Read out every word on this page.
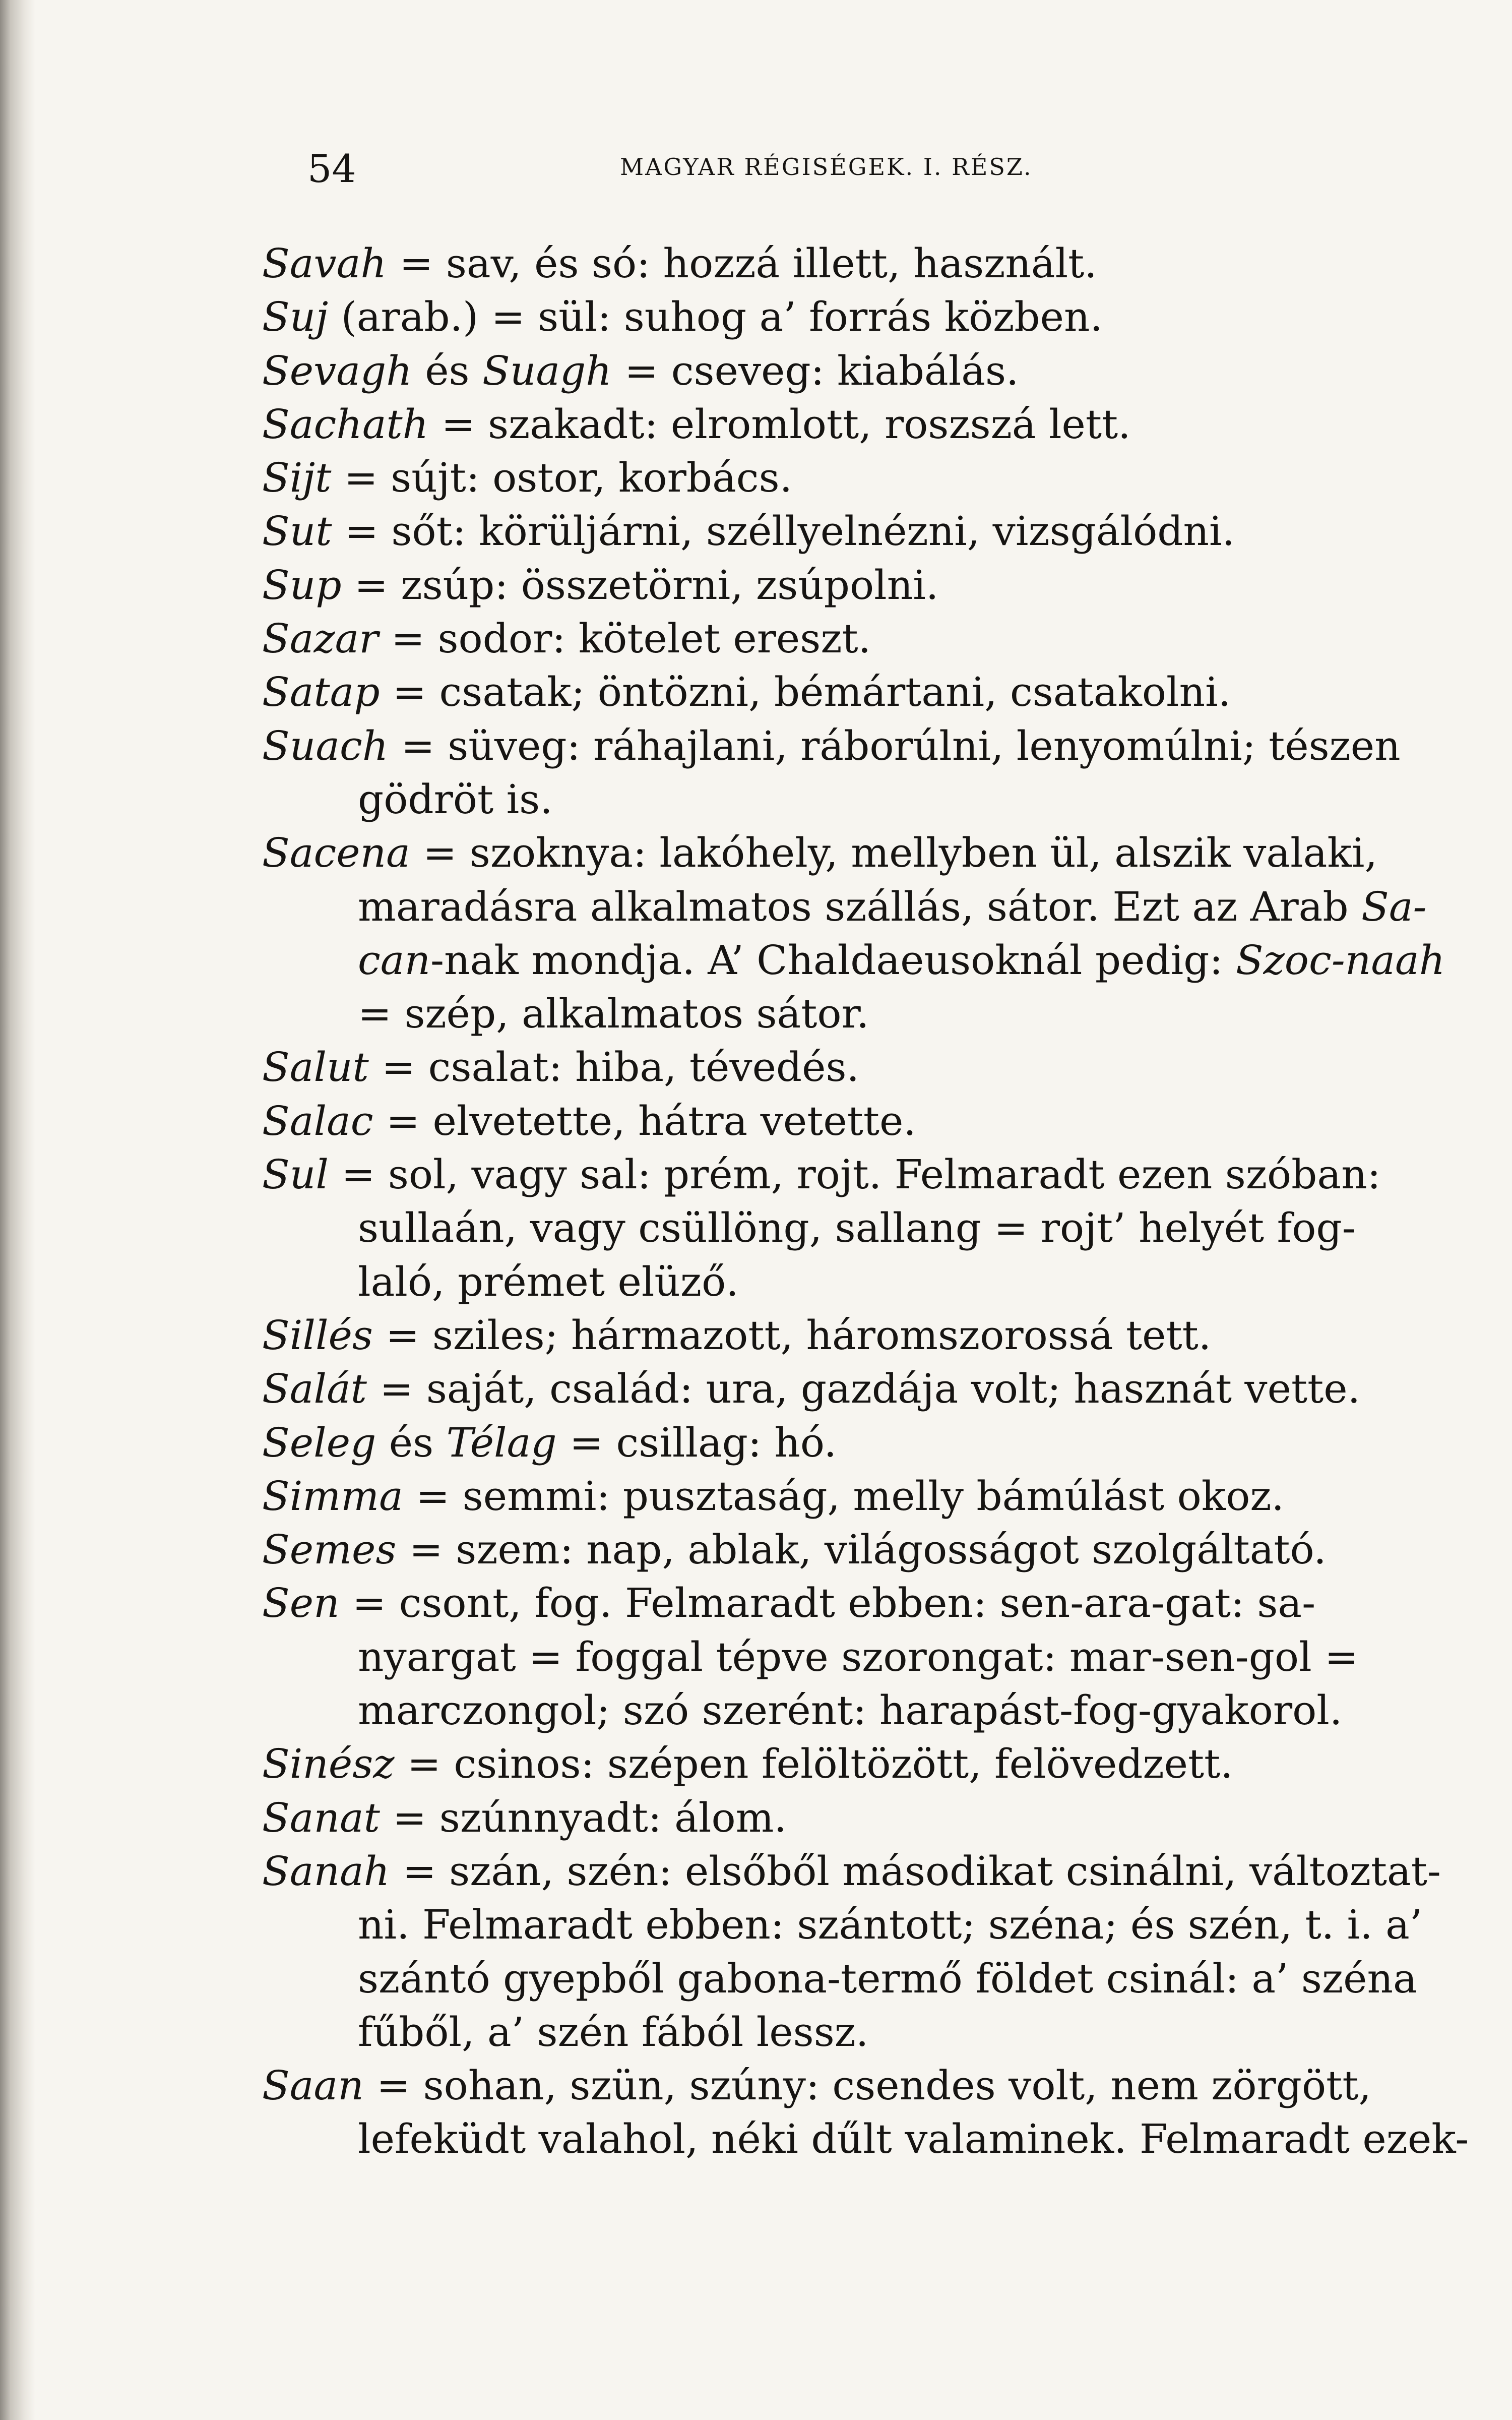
54	MAGYAR RÉGISÉGEK. I. RÉSZ.
Savah = sav, és só: hozzá illett, használt.
Suj (arab.) = sül: suhog a’ forrás közben.
Sevagh és Suagh = cseveg: kiabálás.
Sachath = szakadt: elromlott, roszszá lett.
Sijt = sújt: ostor, korbács.
Sut = sőt: körüljárni, széllyelnézni, vizsgálódni.
Sup = zsúp: összetörni, zsúpolni.
Sazar = sodor: kötelet ereszt.
Satap = csatak; öntözni, bémártani, csatakolni.
Suach = süveg: ráhajlani, ráborúlni, lenyomúlni; tészen
gödröt is.
Sacena = szoknya: lakóhely, mellyben ül, alszik valaki,
maradásra alkalmatos szállás, sátor. Ezt az Arab Sa-
can-nak mondja. A’ Chaldaeusoknál pedig: Szoc-naah
= szép, alkalmatos sátor.
Salut = csalat: hiba, tévedés.
Salac = elvetette, hátra vetette.
Sul = sol, vagy sal: prém, rojt. Felmaradt ezen szóban:
sullaán, vagy csüllöng, sallang = rojt’ helyét fog-
laló, prémet elüző.
Sillés = sziles; hármazott, háromszorossá tett.
Salát = saját, család: ura, gazdája volt; hasznát vette.
Seleg és Télag = csillag: hó.
Simma = semmi: pusztaság, melly bámúlást okoz.
Semes = szem: nap, ablak, világosságot szolgáltató.
Sen = csont, fog. Felmaradt ebben: sen-ara-gat: sa-
nyargat = foggal tépve szorongat: mar-sen-gol =
marczongol; szó szerént: harapást-fog-gyakorol.
Sinész = csinos: szépen felöltözött, felövedzett.
Sanat = szúnnyadt: álom.
Sanah = szán, szén: elsőből másodikat csinálni, változtat-
ni. Felmaradt ebben: szántott; széna; és szén, t. i. a’
szántó gyepből gabona-termő földet csinál: a’ széna
fűből, a’ szén fából lessz.
Saan = sohan, szün, szúny: csendes volt, nem zörgött,
lefeküdt valahol, néki dűlt valaminek. Felmaradt ezek-
